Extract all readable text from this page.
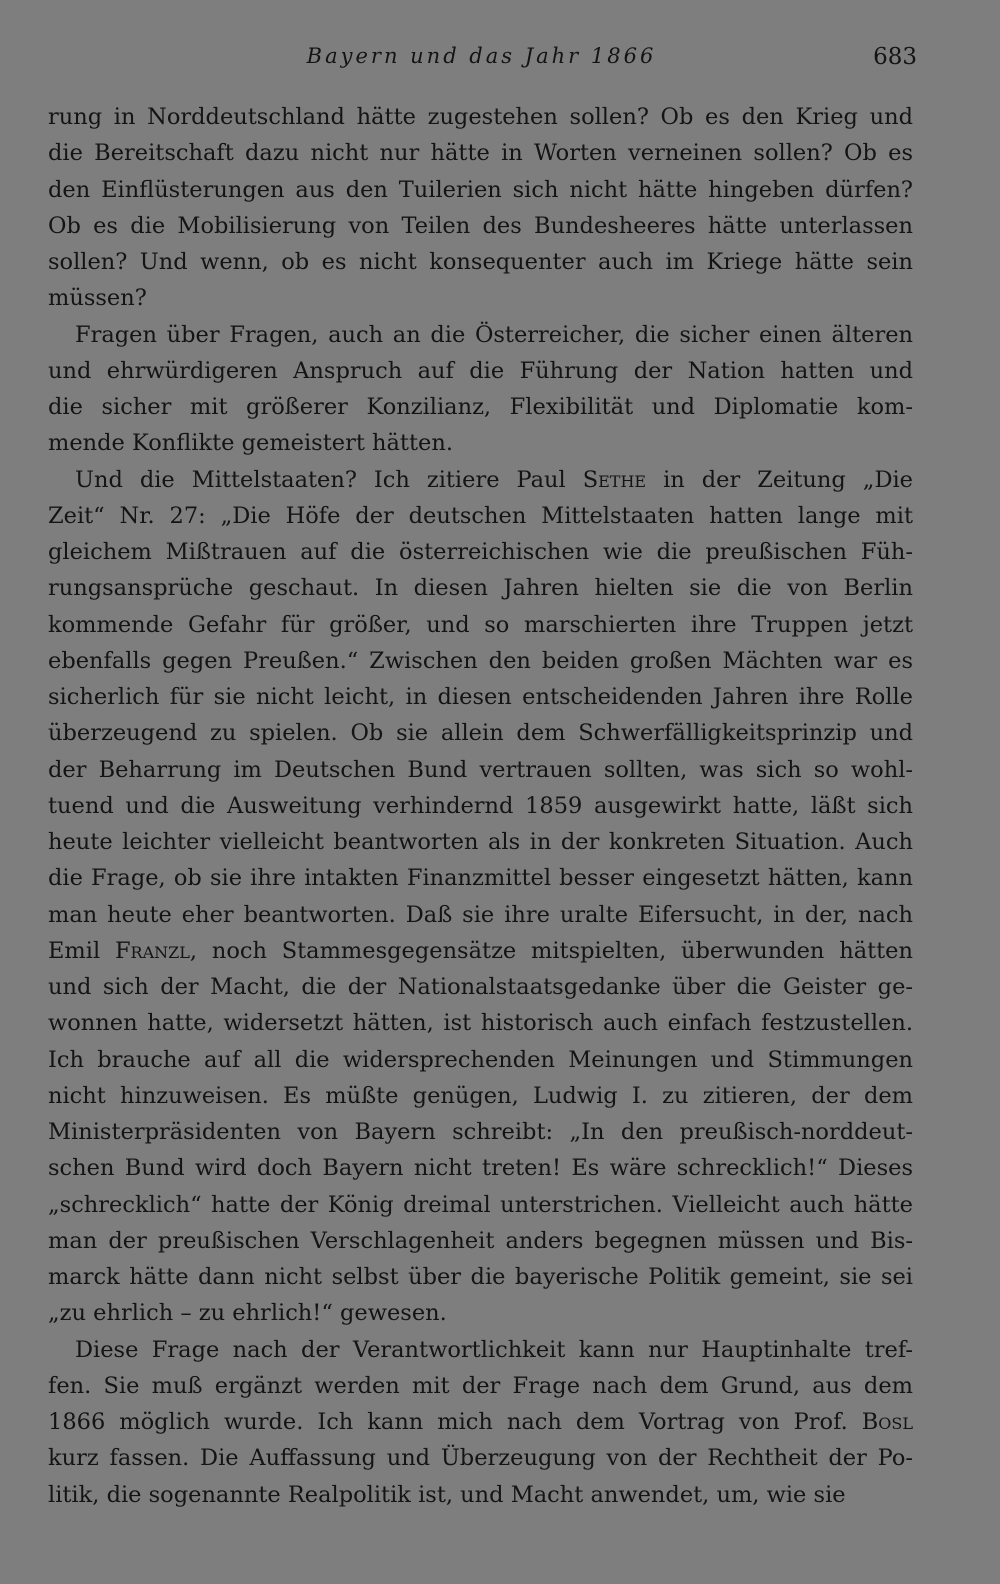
Bayern und das Jahr 1866	683

rung in Norddeutschland hätte zugestehen sollen? Ob es den Krieg und
die Bereitschaft dazu nicht nur hätte in Worten verneinen sollen? Ob es
den Einflüsterungen aus den Tuilerien sich nicht hätte hingeben dürfen?
Ob es die Mobilisierung von Teilen des Bundesheeres hätte unterlassen
sollen? Und wenn, ob es nicht konsequenter auch im Kriege hätte sein
müssen?

Fragen über Fragen, auch an die Österreicher, die sicher einen älteren
und ehrwürdigeren Anspruch auf die Führung der Nation hatten und
die sicher mit größerer Konzilianz, Flexibilität und Diplomatie kom-
mende Konflikte gemeistert hätten.

Und die Mittelstaaten? Ich zitiere Paul Sethe in der Zeitung „Die
Zeit“ Nr. 27: „Die Höfe der deutschen Mittelstaaten hatten lange mit
gleichem Mißtrauen auf die österreichischen wie die preußischen Füh-
rungsansprüche geschaut. In diesen Jahren hielten sie die von Berlin
kommende Gefahr für größer, und so marschierten ihre Truppen jetzt
ebenfalls gegen Preußen.“ Zwischen den beiden großen Mächten war es
sicherlich für sie nicht leicht, in diesen entscheidenden Jahren ihre Rolle
überzeugend zu spielen. Ob sie allein dem Schwerfälligkeitsprinzip und
der Beharrung im Deutschen Bund vertrauen sollten, was sich so wohl-
tuend und die Ausweitung verhindernd 1859 ausgewirkt hatte, läßt sich
heute leichter vielleicht beantworten als in der konkreten Situation. Auch
die Frage, ob sie ihre intakten Finanzmittel besser eingesetzt hätten, kann
man heute eher beantworten. Daß sie ihre uralte Eifersucht, in der, nach
Emil Franzl, noch Stammesgegensätze mitspielten, überwunden hätten
und sich der Macht, die der Nationalstaatsgedanke über die Geister ge-
wonnen hatte, widersetzt hätten, ist historisch auch einfach festzustellen.
Ich brauche auf all die widersprechenden Meinungen und Stimmungen
nicht hinzuweisen. Es müßte genügen, Ludwig I. zu zitieren, der dem
Ministerpräsidenten von Bayern schreibt: „In den preußisch-norddeut-
schen Bund wird doch Bayern nicht treten! Es wäre schrecklich!“ Dieses
„schrecklich“ hatte der König dreimal unterstrichen. Vielleicht auch hätte
man der preußischen Verschlagenheit anders begegnen müssen und Bis-
marck hätte dann nicht selbst über die bayerische Politik gemeint, sie sei
„zu ehrlich – zu ehrlich!“ gewesen.

Diese Frage nach der Verantwortlichkeit kann nur Hauptinhalte tref-
fen. Sie muß ergänzt werden mit der Frage nach dem Grund, aus dem
1866 möglich wurde. Ich kann mich nach dem Vortrag von Prof. Bosl
kurz fassen. Die Auffassung und Überzeugung von der Rechtheit der Po-
litik, die sogenannte Realpolitik ist, und Macht anwendet, um, wie sie
